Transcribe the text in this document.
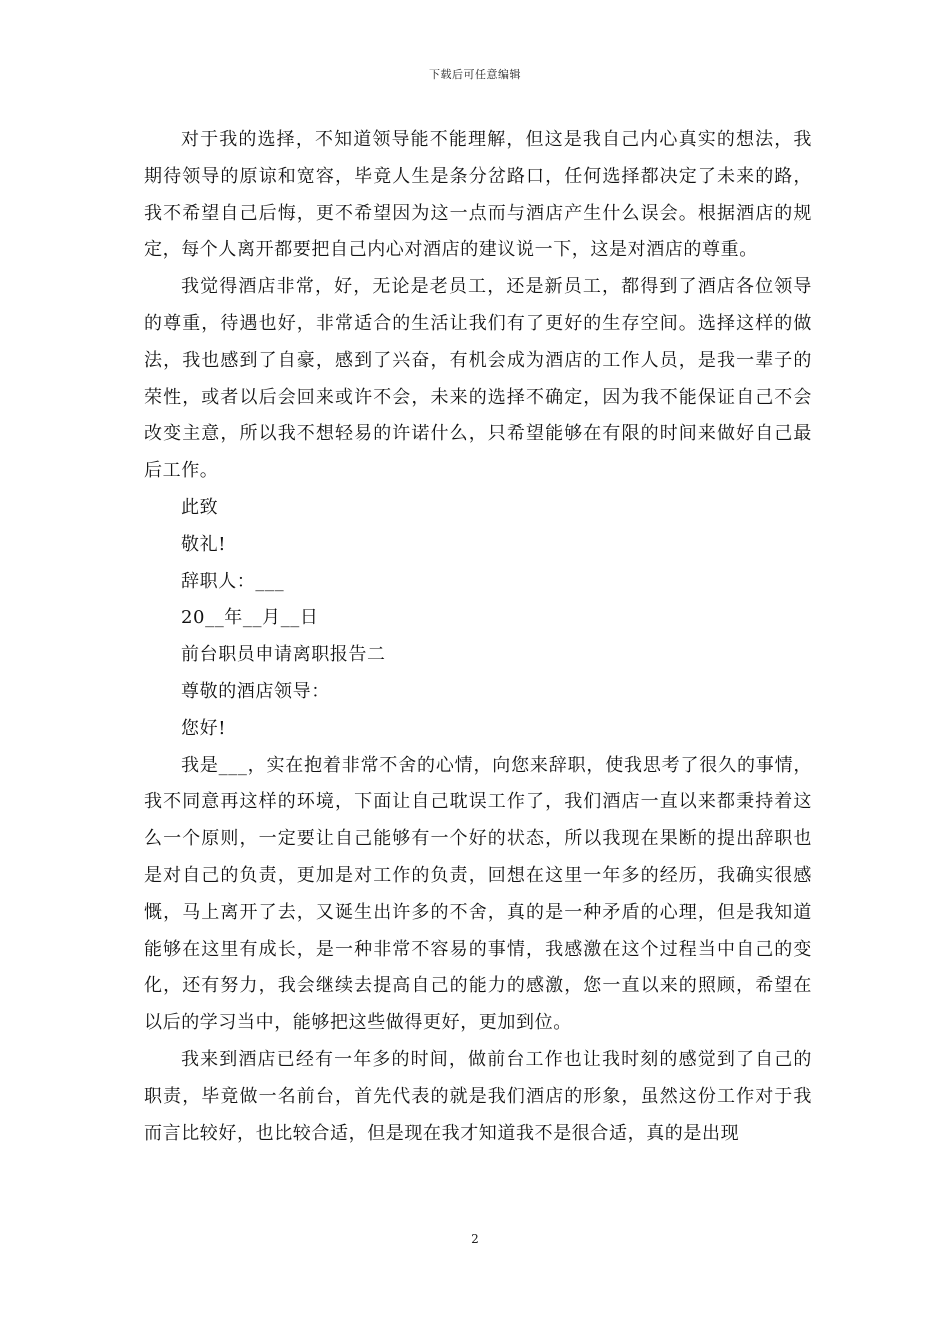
下载后可任意编辑

对于我的选择，不知道领导能不能理解，但这是我自己内心真实的想法，我期待领导的原谅和宽容，毕竟人生是条分岔路口，任何选择都决定了未来的路，我不希望自己后悔，更不希望因为这一点而与酒店产生什么误会。根据酒店的规定，每个人离开都要把自己内心对酒店的建议说一下，这是对酒店的尊重。

我觉得酒店非常，好，无论是老员工，还是新员工，都得到了酒店各位领导的尊重，待遇也好，非常适合的生活让我们有了更好的生存空间。选择这样的做法，我也感到了自豪，感到了兴奋，有机会成为酒店的工作人员，是我一辈子的荣性，或者以后会回来或许不会，未来的选择不确定，因为我不能保证自己不会改变主意，所以我不想轻易的许诺什么，只希望能够在有限的时间来做好自己最后工作。

此致

敬礼!

辞职人：___

20__年__月__日

前台职员申请离职报告二

尊敬的酒店领导：

您好!

我是___，实在抱着非常不舍的心情，向您来辞职，使我思考了很久的事情，我不同意再这样的环境，下面让自己耽误工作了，我们酒店一直以来都秉持着这么一个原则，一定要让自己能够有一个好的状态，所以我现在果断的提出辞职也是对自己的负责，更加是对工作的负责，回想在这里一年多的经历，我确实很感慨，马上离开了去，又诞生出许多的不舍，真的是一种矛盾的心理，但是我知道能够在这里有成长，是一种非常不容易的事情，我感激在这个过程当中自己的变化，还有努力，我会继续去提高自己的能力的感激，您一直以来的照顾，希望在以后的学习当中，能够把这些做得更好，更加到位。

我来到酒店已经有一年多的时间，做前台工作也让我时刻的感觉到了自己的职责，毕竟做一名前台，首先代表的就是我们酒店的形象，虽然这份工作对于我而言比较好，也比较合适，但是现在我才知道我不是很合适，真的是出现

2
